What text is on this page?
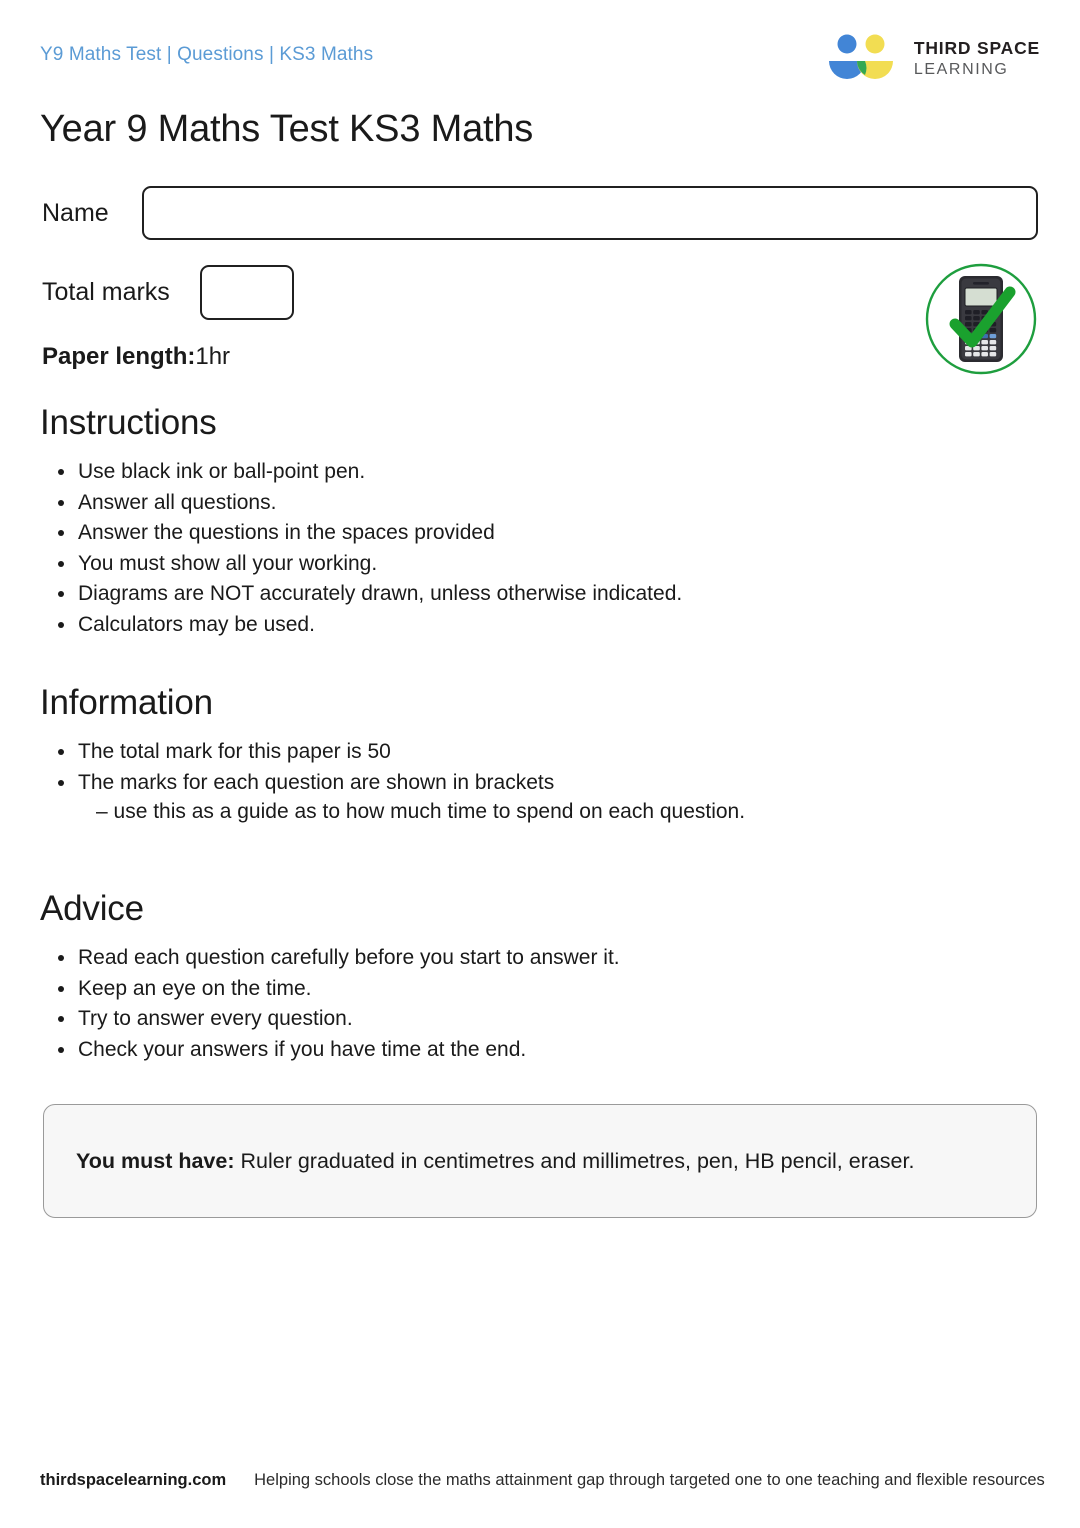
Y9 Maths Test | Questions | KS3 Maths	THIRD SPACE
LEARNING
Year 9 Maths Test KS3 Maths
Name
Total marks
Paper length:1hr
Instructions
Use black ink or ball-point pen.
Answer all questions.
Answer the questions in the spaces provided
You must show all your working.
Diagrams are NOT accurately drawn, unless otherwise indicated.
Calculators may be used.
Information
The total mark for this paper is 50
The marks for each question are shown in brackets
– use this as a guide as to how much time to spend on each question.
Advice
Read each question carefully before you start to answer it.
Keep an eye on the time.
Try to answer every question.
Check your answers if you have time at the end.

You must have: Ruler graduated in centimetres and millimetres, pen, HB pencil, eraser.

thirdspacelearning.com Helping schools close the maths attainment gap through targeted one to one teaching and flexible resources
